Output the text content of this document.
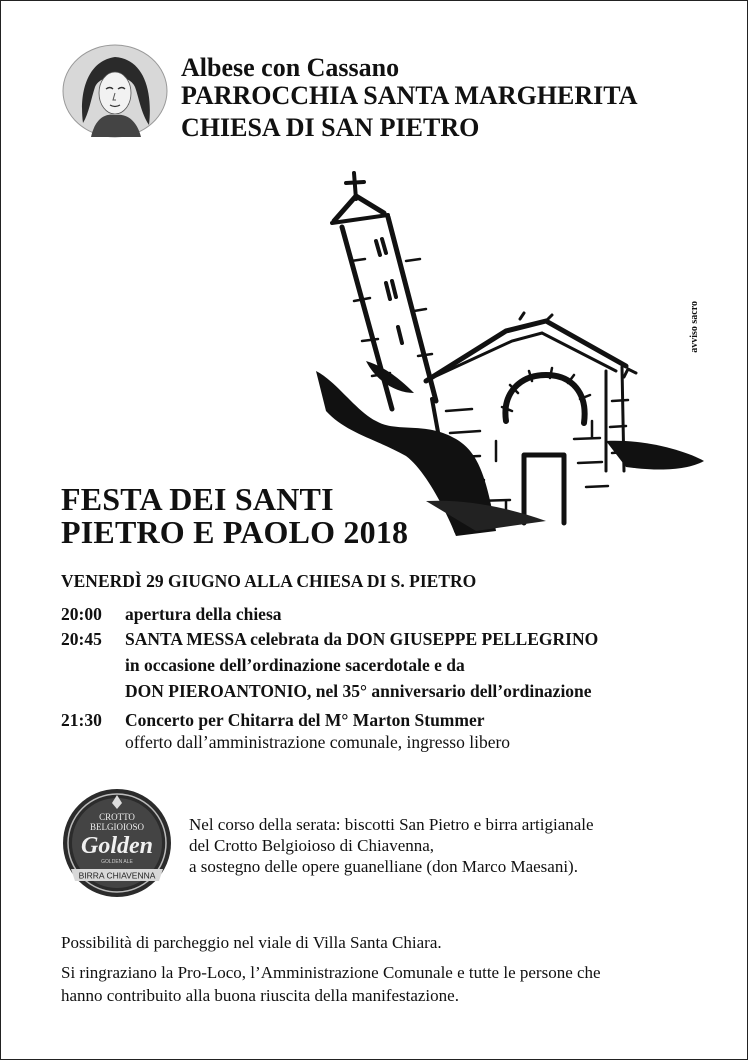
Albese con Cassano
PARROCCHIA SANTA MARGHERITA
CHIESA DI SAN PIETRO
avviso sacro
FESTA DEI SANTI
PIETRO E PAOLO 2018
VENERDÌ 29 GIUGNO ALLA CHIESA DI S. PIETRO
20:00 apertura della chiesa
20:45 SANTA MESSA celebrata da DON GIUSEPPE PELLEGRINO
in occasione dell’ordinazione sacerdotale e da
DON PIEROANTONIO, nel 35° anniversario dell’ordinazione
21:30 Concerto per Chitarra del M° Marton Stummer
offerto dall’amministrazione comunale, ingresso libero
CROTTO
BELGIOIOSO
Golden
GOLDEN ALE
BIRRA CHIAVENNA
Nel corso della serata: biscotti San Pietro e birra artigianale
del Crotto Belgioioso di Chiavenna,
a sostegno delle opere guanelliane (don Marco Maesani).
Possibilità di parcheggio nel viale di Villa Santa Chiara.
Si ringraziano la Pro-Loco, l’Amministrazione Comunale e tutte le persone che
hanno contribuito alla buona riuscita della manifestazione.
